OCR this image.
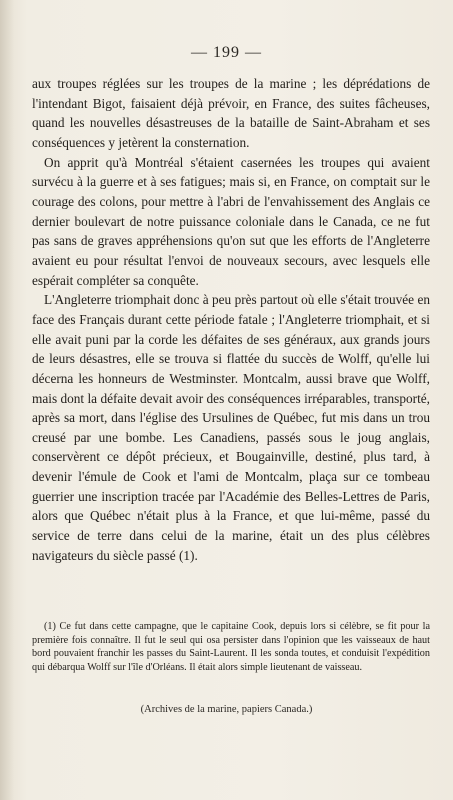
— 199 —

aux troupes réglées sur les troupes de la marine ; les déprédations de l'intendant Bigot, faisaient déjà prévoir, en France, des suites fâcheuses, quand les nouvelles désastreuses de la bataille de Saint-Abraham et ses conséquences y jetèrent la consternation.

On apprit qu'à Montréal s'étaient casernées les troupes qui avaient survécu à la guerre et à ses fatigues; mais si, en France, on comptait sur le courage des colons, pour mettre à l'abri de l'envahissement des Anglais ce dernier boulevart de notre puissance coloniale dans le Canada, ce ne fut pas sans de graves appréhensions qu'on sut que les efforts de l'Angleterre avaient eu pour résultat l'envoi de nouveaux secours, avec lesquels elle espérait compléter sa conquête.

L'Angleterre triomphait donc à peu près partout où elle s'était trouvée en face des Français durant cette période fatale ; l'Angleterre triomphait, et si elle avait puni par la corde les défaites de ses généraux, aux grands jours de leurs désastres, elle se trouva si flattée du succès de Wolff, qu'elle lui décerna les honneurs de Westminster. Montcalm, aussi brave que Wolff, mais dont la défaite devait avoir des conséquences irréparables, transporté, après sa mort, dans l'église des Ursulines de Québec, fut mis dans un trou creusé par une bombe. Les Canadiens, passés sous le joug anglais, conservèrent ce dépôt précieux, et Bougainville, destiné, plus tard, à devenir l'émule de Cook et l'ami de Montcalm, plaça sur ce tombeau guerrier une inscription tracée par l'Académie des Belles-Lettres de Paris, alors que Québec n'était plus à la France, et que lui-même, passé du service de terre dans celui de la marine, était un des plus célèbres navigateurs du siècle passé (1).

(1) Ce fut dans cette campagne, que le capitaine Cook, depuis lors si célèbre, se fit pour la première fois connaître. Il fut le seul qui osa persister dans l'opinion que les vaisseaux de haut bord pouvaient franchir les passes du Saint-Laurent. Il les sonda toutes, et conduisit l'expédition qui débarqua Wolff sur l'île d'Orléans. Il était alors simple lieutenant de vaisseau.

(Archives de la marine, papiers Canada.)
